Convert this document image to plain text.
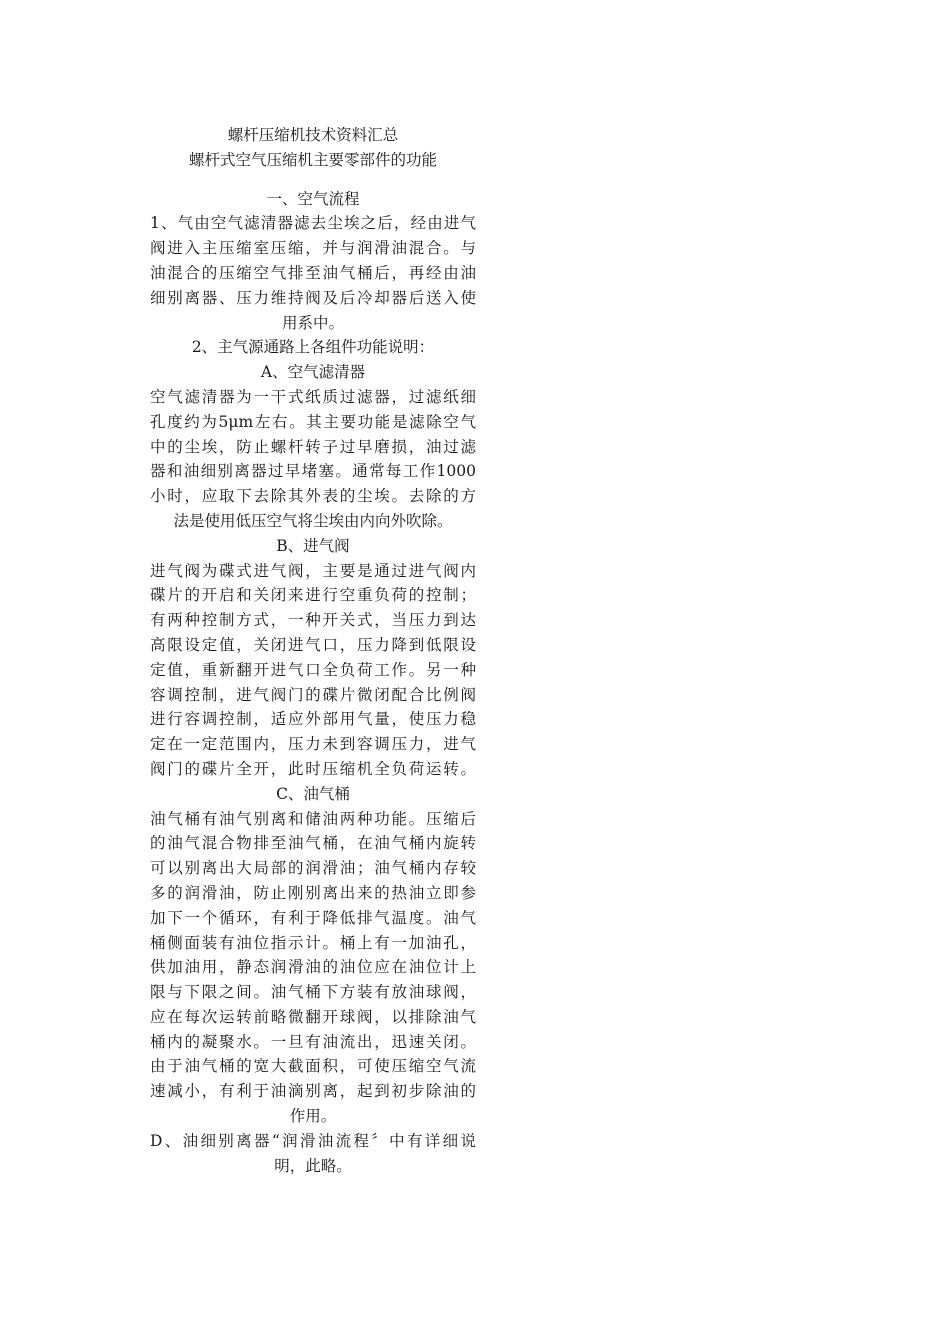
螺杆压缩机技术资料汇总
螺杆式空气压缩机主要零部件的功能
一、空气流程
1、气由空气滤清器滤去尘埃之后，经由进气
阀进入主压缩室压缩，并与润滑油混合。与
油混合的压缩空气排至油气桶后，再经由油
细别离器、压力维持阀及后冷却器后送入使
用系中。
2、主气源通路上各组件功能说明：
A、空气滤清器
空气滤清器为一干式纸质过滤器，过滤纸细
孔度约为5μm左右。其主要功能是滤除空气
中的尘埃，防止螺杆转子过早磨损，油过滤
器和油细别离器过早堵塞。通常每工作1000
小时，应取下去除其外表的尘埃。去除的方
法是使用低压空气将尘埃由内向外吹除。
B、进气阀
进气阀为碟式进气阀，主要是通过进气阀内
碟片的开启和关闭来进行空重负荷的控制；
有两种控制方式，一种开关式，当压力到达
高限设定值，关闭进气口，压力降到低限设
定值，重新翻开进气口全负荷工作。另一种
容调控制，进气阀门的碟片微闭配合比例阀
进行容调控制，适应外部用气量，使压力稳
定在一定范围内，压力未到容调压力，进气
阀门的碟片全开，此时压缩机全负荷运转。
C、油气桶
油气桶有油气别离和储油两种功能。压缩后
的油气混合物排至油气桶，在油气桶内旋转
可以别离出大局部的润滑油；油气桶内存较
多的润滑油，防止刚别离出来的热油立即参
加下一个循环，有利于降低排气温度。油气
桶侧面装有油位指示计。桶上有一加油孔，
供加油用，静态润滑油的油位应在油位计上
限与下限之间。油气桶下方装有放油球阀，
应在每次运转前略微翻开球阀，以排除油气
桶内的凝聚水。一旦有油流出，迅速关闭。
由于油气桶的宽大截面积，可使压缩空气流
速减小，有利于油滴别离，起到初步除油的
作用。
D、油细别离器“润滑油流程〞中有详细说
明，此略。
